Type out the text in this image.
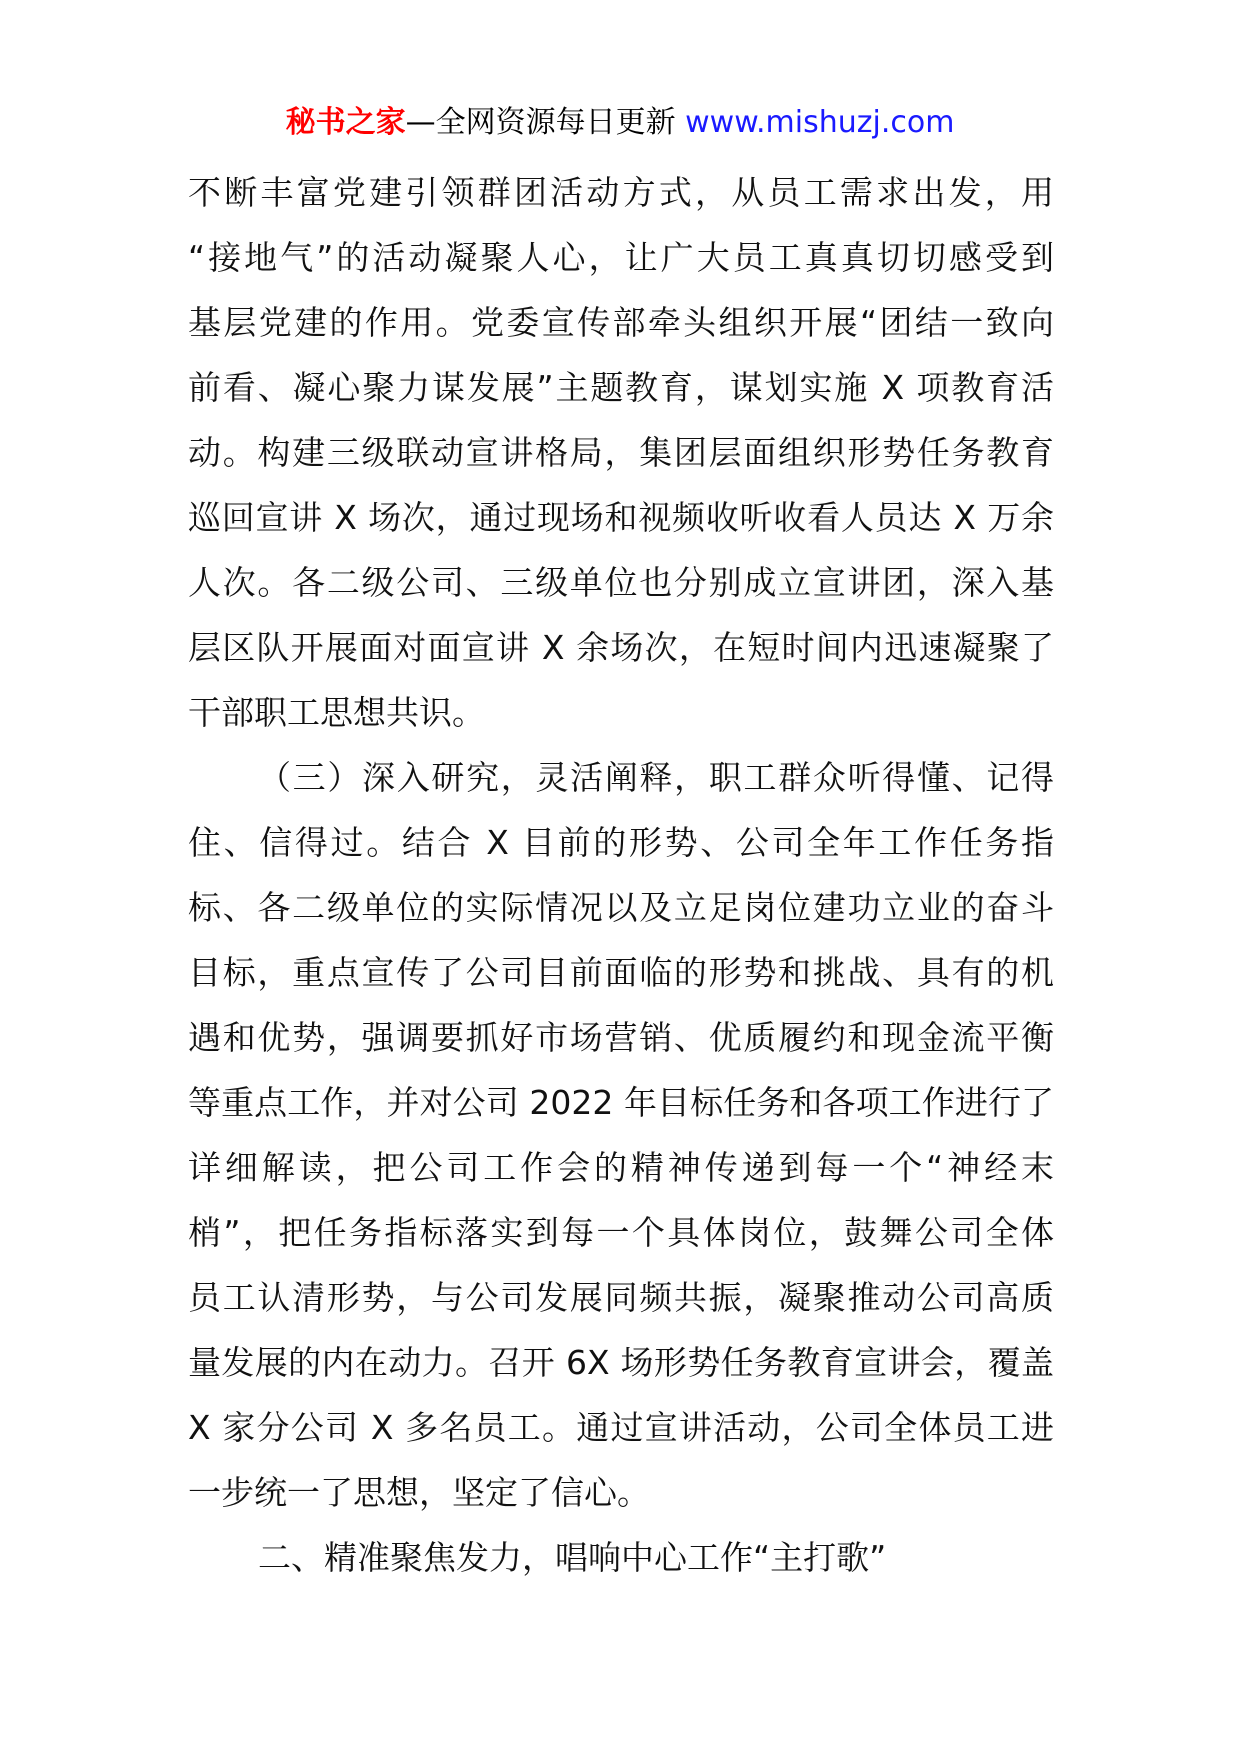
秘书之家—全网资源每日更新 www.mishuzj.com
不断丰富党建引领群团活动方式，从员工需求出发，用
“接地气”的活动凝聚人心，让广大员工真真切切感受到
基层党建的作用。党委宣传部牵头组织开展“团结一致向
前看、凝心聚力谋发展”主题教育，谋划实施 X 项教育活
动。构建三级联动宣讲格局，集团层面组织形势任务教育
巡回宣讲 X 场次，通过现场和视频收听收看人员达 X 万余
人次。各二级公司、三级单位也分别成立宣讲团，深入基
层区队开展面对面宣讲 X 余场次，在短时间内迅速凝聚了
干部职工思想共识。
（三）深入研究，灵活阐释，职工群众听得懂、记得
住、信得过。结合 X 目前的形势、公司全年工作任务指
标、各二级单位的实际情况以及立足岗位建功立业的奋斗
目标，重点宣传了公司目前面临的形势和挑战、具有的机
遇和优势，强调要抓好市场营销、优质履约和现金流平衡
等重点工作，并对公司 2022 年目标任务和各项工作进行了
详细解读，把公司工作会的精神传递到每一个“神经末
梢”，把任务指标落实到每一个具体岗位，鼓舞公司全体
员工认清形势，与公司发展同频共振，凝聚推动公司高质
量发展的内在动力。召开 6X 场形势任务教育宣讲会，覆盖
X 家分公司 X 多名员工。通过宣讲活动，公司全体员工进
一步统一了思想，坚定了信心。
二、精准聚焦发力，唱响中心工作“主打歌”
